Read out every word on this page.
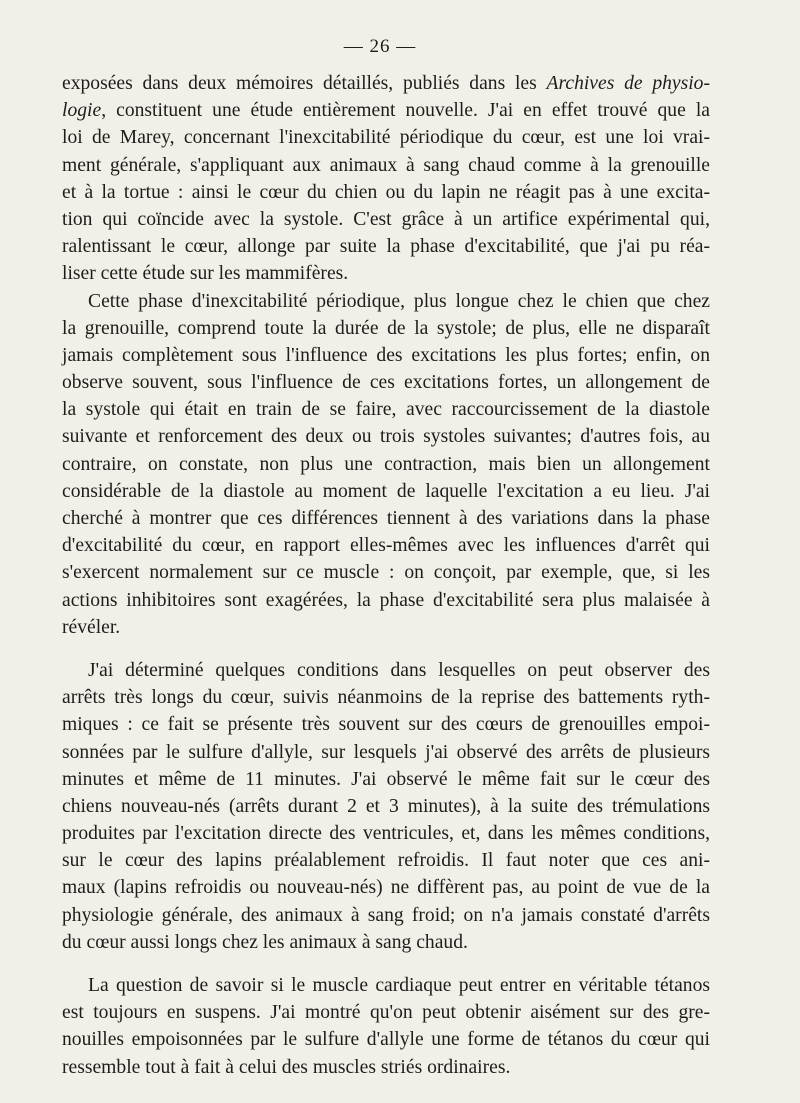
— 26 —
exposées dans deux mémoires détaillés, publiés dans les Archives de physio-
logie, constituent une étude entièrement nouvelle. J'ai en effet trouvé que la
loi de Marey, concernant l'inexcitabilité périodique du cœur, est une loi vrai-
ment générale, s'appliquant aux animaux à sang chaud comme à la grenouille
et à la tortue : ainsi le cœur du chien ou du lapin ne réagit pas à une excita-
tion qui coïncide avec la systole. C'est grâce à un artifice expérimental qui,
ralentissant le cœur, allonge par suite la phase d'excitabilité, que j'ai pu réa-
liser cette étude sur les mammifères.
Cette phase d'inexcitabilité périodique, plus longue chez le chien que chez
la grenouille, comprend toute la durée de la systole; de plus, elle ne disparaît
jamais complètement sous l'influence des excitations les plus fortes; enfin, on
observe souvent, sous l'influence de ces excitations fortes, un allongement de
la systole qui était en train de se faire, avec raccourcissement de la diastole
suivante et renforcement des deux ou trois systoles suivantes; d'autres fois, au
contraire, on constate, non plus une contraction, mais bien un allongement
considérable de la diastole au moment de laquelle l'excitation a eu lieu. J'ai
cherché à montrer que ces différences tiennent à des variations dans la phase
d'excitabilité du cœur, en rapport elles-mêmes avec les influences d'arrêt qui
s'exercent normalement sur ce muscle : on conçoit, par exemple, que, si les
actions inhibitoires sont exagérées, la phase d'excitabilité sera plus malaisée à
révéler.
J'ai déterminé quelques conditions dans lesquelles on peut observer des
arrêts très longs du cœur, suivis néanmoins de la reprise des battements ryth-
miques : ce fait se présente très souvent sur des cœurs de grenouilles empoi-
sonnées par le sulfure d'allyle, sur lesquels j'ai observé des arrêts de plusieurs
minutes et même de 11 minutes. J'ai observé le même fait sur le cœur des
chiens nouveau-nés (arrêts durant 2 et 3 minutes), à la suite des trémulations
produites par l'excitation directe des ventricules, et, dans les mêmes conditions,
sur le cœur des lapins préalablement refroidis. Il faut noter que ces ani-
maux (lapins refroidis ou nouveau-nés) ne diffèrent pas, au point de vue de la
physiologie générale, des animaux à sang froid; on n'a jamais constaté d'arrêts
du cœur aussi longs chez les animaux à sang chaud.
La question de savoir si le muscle cardiaque peut entrer en véritable tétanos
est toujours en suspens. J'ai montré qu'on peut obtenir aisément sur des gre-
nouilles empoisonnées par le sulfure d'allyle une forme de tétanos du cœur qui
ressemble tout à fait à celui des muscles striés ordinaires.
